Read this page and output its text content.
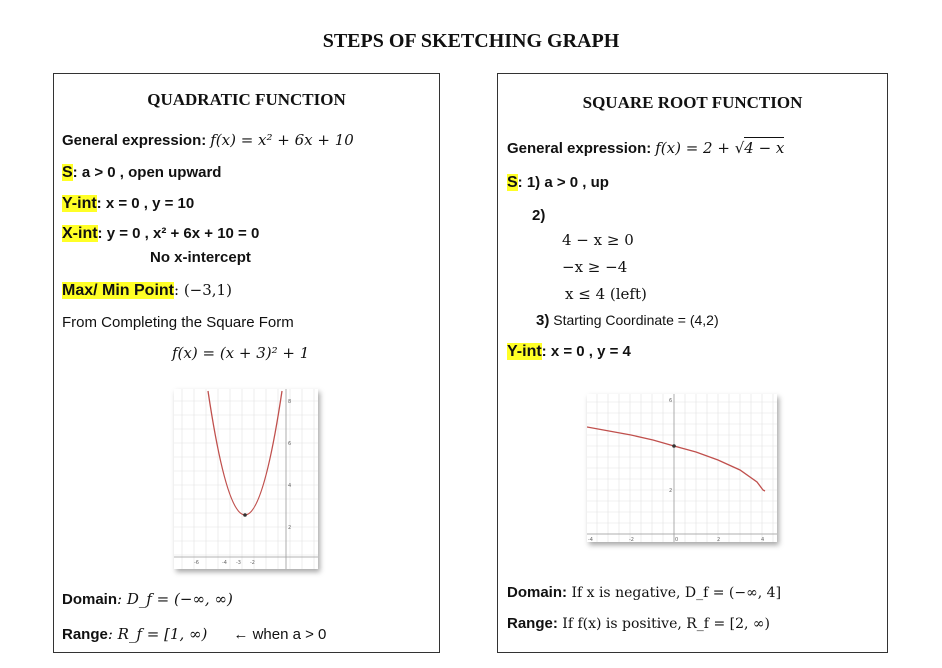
STEPS OF SKETCHING GRAPH
QUADRATIC FUNCTION
General expression: f(x) = x² + 6x + 10
S: a > 0 , open upward
Y-int: x = 0 , y = 10
X-int: y = 0 , x² + 6x + 10 = 0
No x-intercept
Max/ Min Point: (−3,1)
From Completing the Square Form
f(x) = (x + 3)² + 1
-6	-4 -3 -2
8
6
4
2
Domain: D_f = (−∞, ∞)
Range: R_f = [1, ∞) ← when a > 0
SQUARE ROOT FUNCTION
General expression: f(x) = 2 + √4 − x
S: 1) a > 0 , up
2)
4 − x ≥ 0
−x ≥ −4
x ≤ 4 (left)
3) Starting Coordinate = (4,2)
Y-int: x = 0 , y = 4
-4	-2	0	2	4
6
2
Domain: If x is negative, D_f = (−∞, 4]
Range: If f(x) is positive, R_f = [2, ∞)
